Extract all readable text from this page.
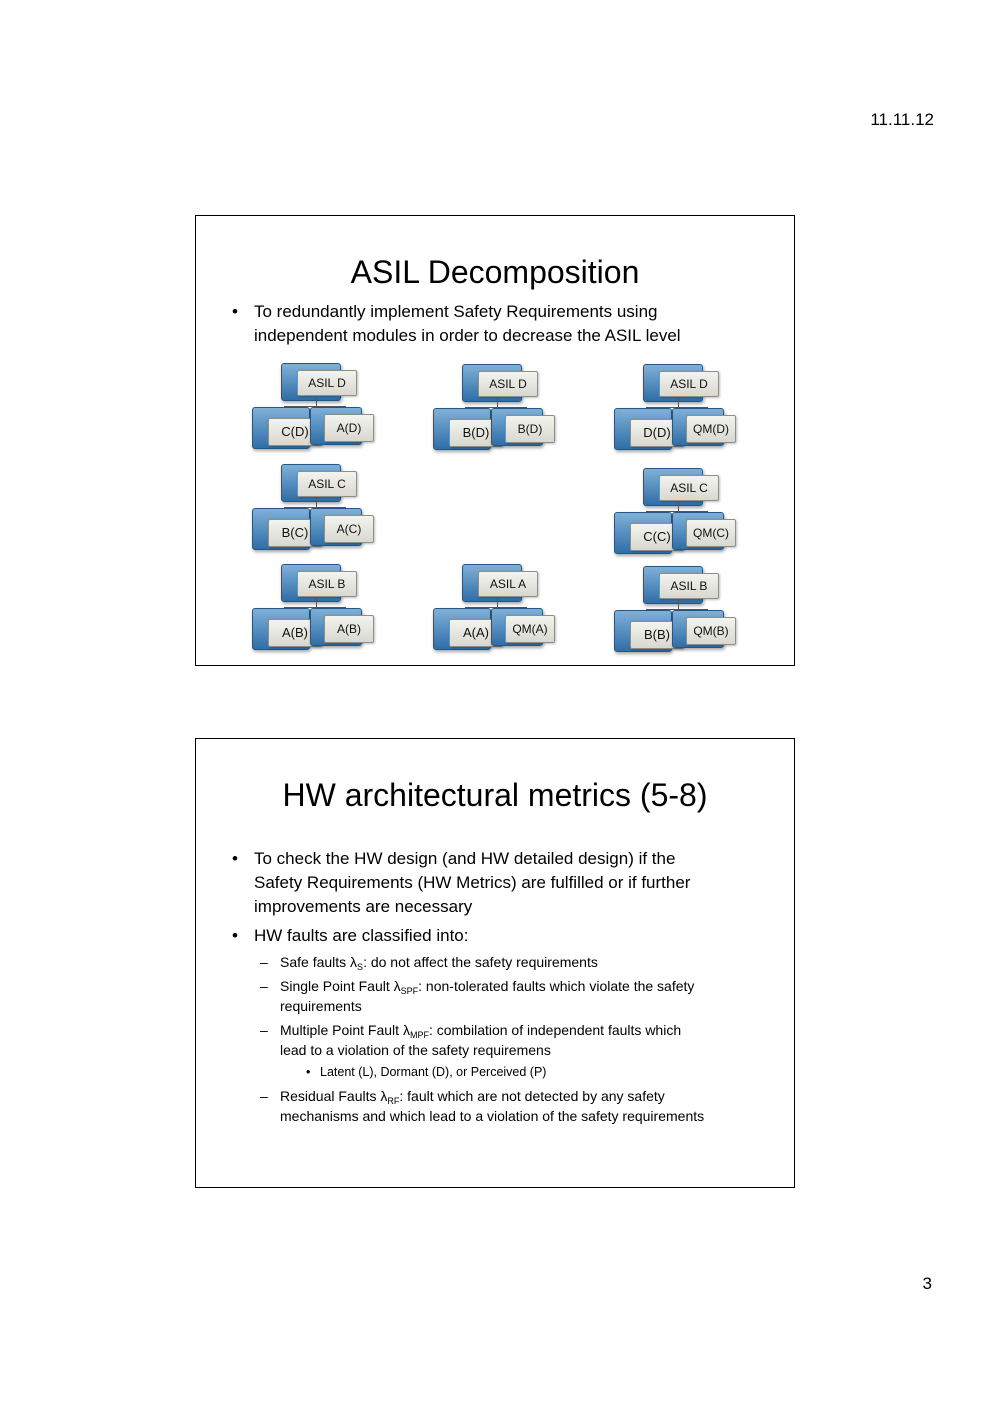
11.11.12
ASIL Decomposition
• To redundantly implement Safety Requirements using
independent modules in order to decrease the ASIL level
ASIL D
C(D)	A(D)
ASIL D
B(D)	B(D)
ASIL D
D(D)	QM(D)
ASIL C
B(C)	A(C)
ASIL C
C(C)	QM(C)
ASIL B
A(B)	A(B)
ASIL A
A(A)	QM(A)
ASIL B
B(B)	QM(B)
HW architectural metrics (5-8)
• To check the HW design (and HW detailed design) if the
Safety Requirements (HW Metrics) are fulfilled or if further
improvements are necessary
• HW faults are classified into:
– Safe faults $\lambda_S$: do not affect the safety requirements
– Single Point Fault $\lambda_{SPF}$: non-tolerated faults which violate the safety
requirements
– Multiple Point Fault $\lambda_{MPF}$: combilation of independent faults which
lead to a violation of the safety requiremens
• Latent (L), Dormant (D), or Perceived (P)
– Residual Faults $\lambda_{RF}$: fault which are not detected by any safety
mechanisms and which lead to a violation of the safety requirements
3
